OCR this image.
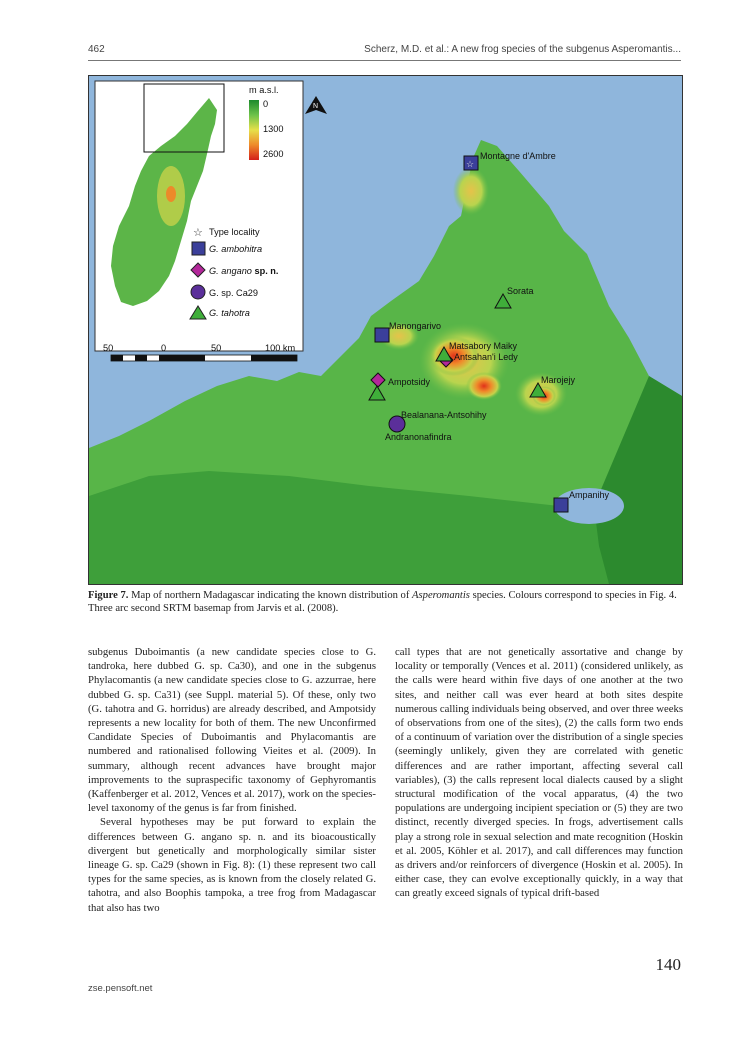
462	Scherz, M.D. et al.: A new frog species of the subgenus Asperomantis...
m a.s.l.
0
1300
2600
☆ Type locality
G. ambohitra
G. angano sp. n.
G. sp. Ca29
G. tahotra
50	0	50	100 km
N
☆
Montagne d'Ambre
Sorata
Manongarivo
Matsabory Maiky
Antsahan'i Ledy
Marojejy
Ampotsidy
Bealanana-Antsohihy
Andranonafindra
Ampanihy
Figure 7. Map of northern Madagascar indicating the known distribution of Asperomantis species. Colours correspond to species in Fig. 4. Three arc second SRTM basemap from Jarvis et al. (2008).

subgenus Duboimantis (a new candidate species close to G. tandroka, here dubbed G. sp. Ca30), and one in the subgenus Phylacomantis (a new candidate species close to G. azzurrae, here dubbed G. sp. Ca31) (see Suppl. material 5). Of these, only two (G. tahotra and G. horridus) are already described, and Ampotsidy represents a new locality for both of them. The new Unconfirmed Candidate Species of Duboimantis and Phylacomantis are numbered and rationalised following Vieites et al. (2009). In summary, although recent advances have brought major improvements to the supraspecific taxonomy of Gephyromantis (Kaffenberger et al. 2012, Vences et al. 2017), work on the species-level taxonomy of the genus is far from finished.

Several hypotheses may be put forward to explain the differences between G. angano sp. n. and its bioacoustically divergent but genetically and morphologically similar sister lineage G. sp. Ca29 (shown in Fig. 8): (1) these represent two call types for the same species, as is known from the closely related G. tahotra, and also Boophis tampoka, a tree frog from Madagascar that also has two

call types that are not genetically assortative and change by locality or temporally (Vences et al. 2011) (considered unlikely, as the calls were heard within five days of one another at the two sites, and neither call was ever heard at both sites despite numerous calling individuals being observed, and over three weeks of observations from one of the sites), (2) the calls form two ends of a continuum of variation over the distribution of a single species (seemingly unlikely, given they are correlated with genetic differences and are rather important, affecting several call variables), (3) the calls represent local dialects caused by a slight structural modification of the vocal apparatus, (4) the two populations are undergoing incipient speciation or (5) they are two distinct, recently diverged species. In frogs, advertisement calls play a strong role in sexual selection and mate recognition (Hoskin et al. 2005, Köhler et al. 2017), and call differences may function as drivers and/or reinforcers of divergence (Hoskin et al. 2005). In either case, they can evolve exceptionally quickly, in a way that can greatly exceed signals of typical drift-based

140
zse.pensoft.net
